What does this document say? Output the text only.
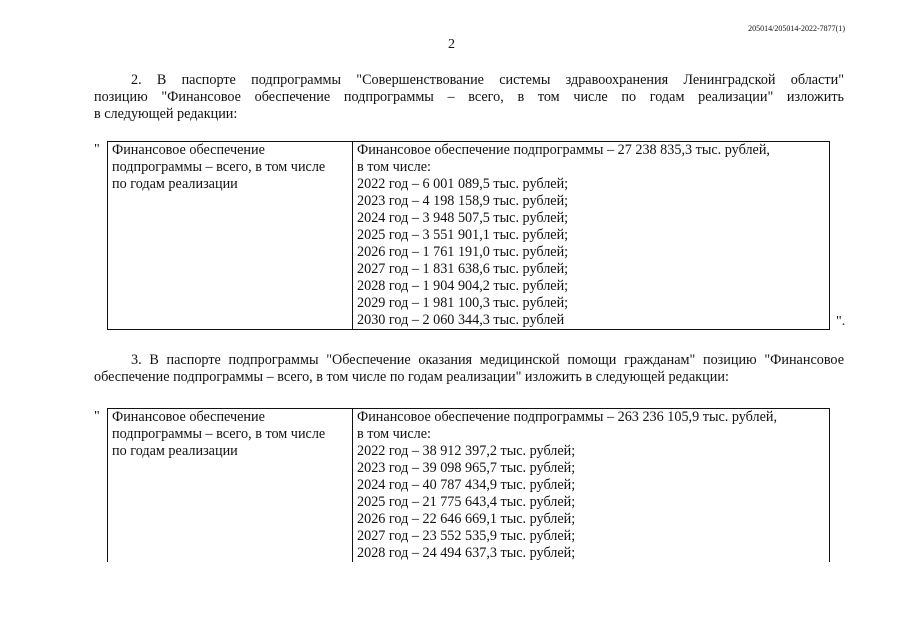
205014/205014-2022-7877(1)
2
2. В паспорте подпрограммы "Совершенствование системы здравоохранения Ленинградской области"
позицию "Финансовое обеспечение подпрограммы – всего, в том числе по годам реализации" изложить
в следующей редакции:
" Финансовое обеспечение
подпрограммы – всего, в том числе
по годам реализации

Финансовое обеспечение подпрограммы – 27 238 835,3 тыс. рублей,
в том числе:
2022 год – 6 001 089,5 тыс. рублей;
2023 год – 4 198 158,9 тыс. рублей;
2024 год – 3 948 507,5 тыс. рублей;
2025 год – 3 551 901,1 тыс. рублей;
2026 год – 1 761 191,0 тыс. рублей;
2027 год – 1 831 638,6 тыс. рублей;
2028 год – 1 904 904,2 тыс. рублей;
2029 год – 1 981 100,3 тыс. рублей;
2030 год – 2 060 344,3 тыс. рублей	".
3. В паспорте подпрограммы "Обеспечение оказания медицинской помощи гражданам" позицию "Финансовое
обеспечение подпрограммы – всего, в том числе по годам реализации" изложить в следующей редакции:
" Финансовое обеспечение
подпрограммы – всего, в том числе
по годам реализации

Финансовое обеспечение подпрограммы – 263 236 105,9 тыс. рублей,
в том числе:
2022 год – 38 912 397,2 тыс. рублей;
2023 год – 39 098 965,7 тыс. рублей;
2024 год – 40 787 434,9 тыс. рублей;
2025 год – 21 775 643,4 тыс. рублей;
2026 год – 22 646 669,1 тыс. рублей;
2027 год – 23 552 535,9 тыс. рублей;
2028 год – 24 494 637,3 тыс. рублей;
